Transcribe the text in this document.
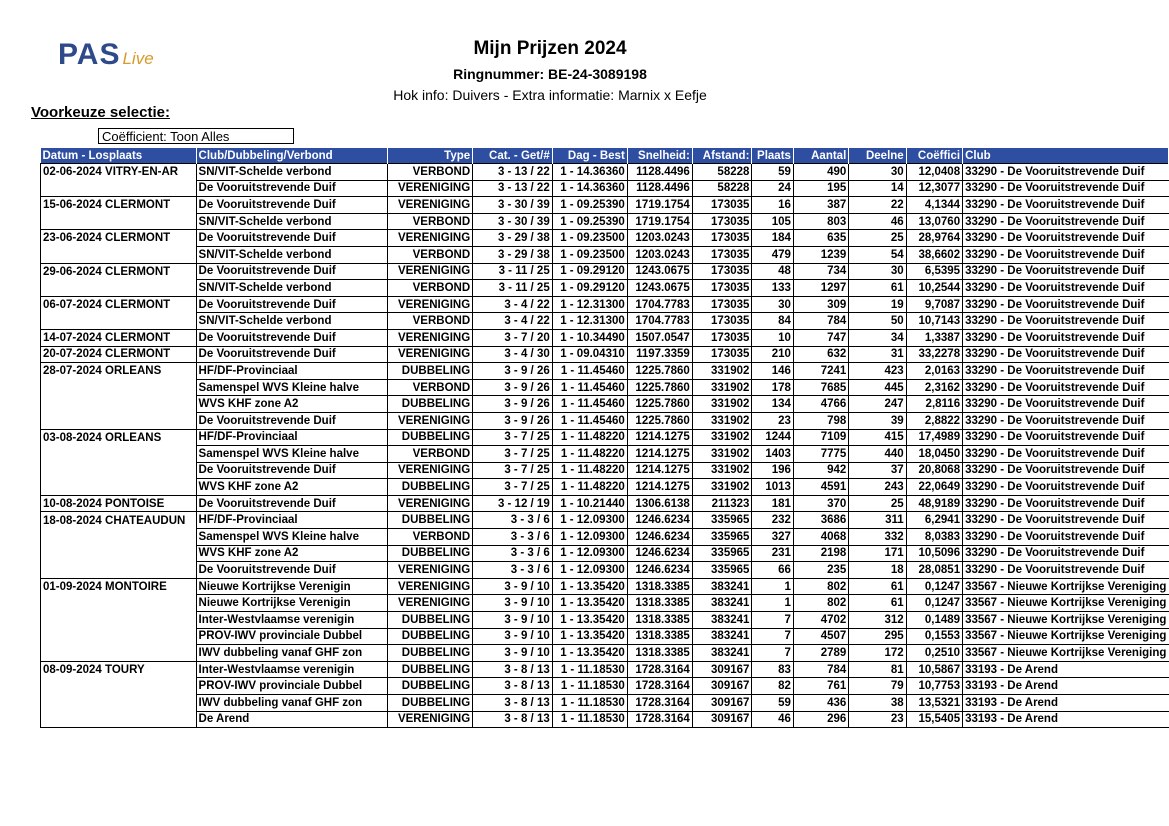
PAS Live	Mijn Prijzen 2024
Ringnummer: BE-24-3089198
Hok info: Duivers - Extra informatie: Marnix x Eefje
Voorkeuze selectie:
Coëfficient: Toon Alles
Datum - Losplaats	Club/Dubbeling/Verbond	Type	Cat. - Get/#	Dag - Best	Snelheid:	Afstand:	Plaats	Aantal	Deelne	Coëffici	Club
02-06-2024 VITRY-EN-AR	SN/VIT-Schelde verbond	VERBOND	3 - 13 / 22	1 - 14.36360	1128.4496	58228	59	490	30	12,0408	33290 - De Vooruitstrevende Duif
	De Vooruitstrevende Duif	VERENIGING	3 - 13 / 22	1 - 14.36360	1128.4496	58228	24	195	14	12,3077	33290 - De Vooruitstrevende Duif
15-06-2024 CLERMONT	De Vooruitstrevende Duif	VERENIGING	3 - 30 / 39	1 - 09.25390	1719.1754	173035	16	387	22	4,1344	33290 - De Vooruitstrevende Duif
	SN/VIT-Schelde verbond	VERBOND	3 - 30 / 39	1 - 09.25390	1719.1754	173035	105	803	46	13,0760	33290 - De Vooruitstrevende Duif
23-06-2024 CLERMONT	De Vooruitstrevende Duif	VERENIGING	3 - 29 / 38	1 - 09.23500	1203.0243	173035	184	635	25	28,9764	33290 - De Vooruitstrevende Duif
	SN/VIT-Schelde verbond	VERBOND	3 - 29 / 38	1 - 09.23500	1203.0243	173035	479	1239	54	38,6602	33290 - De Vooruitstrevende Duif
29-06-2024 CLERMONT	De Vooruitstrevende Duif	VERENIGING	3 - 11 / 25	1 - 09.29120	1243.0675	173035	48	734	30	6,5395	33290 - De Vooruitstrevende Duif
	SN/VIT-Schelde verbond	VERBOND	3 - 11 / 25	1 - 09.29120	1243.0675	173035	133	1297	61	10,2544	33290 - De Vooruitstrevende Duif
06-07-2024 CLERMONT	De Vooruitstrevende Duif	VERENIGING	3 - 4 / 22	1 - 12.31300	1704.7783	173035	30	309	19	9,7087	33290 - De Vooruitstrevende Duif
	SN/VIT-Schelde verbond	VERBOND	3 - 4 / 22	1 - 12.31300	1704.7783	173035	84	784	50	10,7143	33290 - De Vooruitstrevende Duif
14-07-2024 CLERMONT	De Vooruitstrevende Duif	VERENIGING	3 - 7 / 20	1 - 10.34490	1507.0547	173035	10	747	34	1,3387	33290 - De Vooruitstrevende Duif
20-07-2024 CLERMONT	De Vooruitstrevende Duif	VERENIGING	3 - 4 / 30	1 - 09.04310	1197.3359	173035	210	632	31	33,2278	33290 - De Vooruitstrevende Duif
28-07-2024 ORLEANS	HF/DF-Provinciaal	DUBBELING	3 - 9 / 26	1 - 11.45460	1225.7860	331902	146	7241	423	2,0163	33290 - De Vooruitstrevende Duif
	Samenspel WVS Kleine halve	VERBOND	3 - 9 / 26	1 - 11.45460	1225.7860	331902	178	7685	445	2,3162	33290 - De Vooruitstrevende Duif
	WVS KHF zone A2	DUBBELING	3 - 9 / 26	1 - 11.45460	1225.7860	331902	134	4766	247	2,8116	33290 - De Vooruitstrevende Duif
	De Vooruitstrevende Duif	VERENIGING	3 - 9 / 26	1 - 11.45460	1225.7860	331902	23	798	39	2,8822	33290 - De Vooruitstrevende Duif
03-08-2024 ORLEANS	HF/DF-Provinciaal	DUBBELING	3 - 7 / 25	1 - 11.48220	1214.1275	331902	1244	7109	415	17,4989	33290 - De Vooruitstrevende Duif
	Samenspel WVS Kleine halve	VERBOND	3 - 7 / 25	1 - 11.48220	1214.1275	331902	1403	7775	440	18,0450	33290 - De Vooruitstrevende Duif
	De Vooruitstrevende Duif	VERENIGING	3 - 7 / 25	1 - 11.48220	1214.1275	331902	196	942	37	20,8068	33290 - De Vooruitstrevende Duif
	WVS KHF zone A2	DUBBELING	3 - 7 / 25	1 - 11.48220	1214.1275	331902	1013	4591	243	22,0649	33290 - De Vooruitstrevende Duif
10-08-2024 PONTOISE	De Vooruitstrevende Duif	VERENIGING	3 - 12 / 19	1 - 10.21440	1306.6138	211323	181	370	25	48,9189	33290 - De Vooruitstrevende Duif
18-08-2024 CHATEAUDUN	HF/DF-Provinciaal	DUBBELING	3 - 3 / 6	1 - 12.09300	1246.6234	335965	232	3686	311	6,2941	33290 - De Vooruitstrevende Duif
	Samenspel WVS Kleine halve	VERBOND	3 - 3 / 6	1 - 12.09300	1246.6234	335965	327	4068	332	8,0383	33290 - De Vooruitstrevende Duif
	WVS KHF zone A2	DUBBELING	3 - 3 / 6	1 - 12.09300	1246.6234	335965	231	2198	171	10,5096	33290 - De Vooruitstrevende Duif
	De Vooruitstrevende Duif	VERENIGING	3 - 3 / 6	1 - 12.09300	1246.6234	335965	66	235	18	28,0851	33290 - De Vooruitstrevende Duif
01-09-2024 MONTOIRE	Nieuwe Kortrijkse Verenigin	VERENIGING	3 - 9 / 10	1 - 13.35420	1318.3385	383241	1	802	61	0,1247	33567 - Nieuwe Kortrijkse Vereniging
	Nieuwe Kortrijkse Verenigin	VERENIGING	3 - 9 / 10	1 - 13.35420	1318.3385	383241	1	802	61	0,1247	33567 - Nieuwe Kortrijkse Vereniging
	Inter-Westvlaamse verenigin	DUBBELING	3 - 9 / 10	1 - 13.35420	1318.3385	383241	7	4702	312	0,1489	33567 - Nieuwe Kortrijkse Vereniging
	PROV-IWV provinciale Dubbel	DUBBELING	3 - 9 / 10	1 - 13.35420	1318.3385	383241	7	4507	295	0,1553	33567 - Nieuwe Kortrijkse Vereniging
	IWV dubbeling vanaf GHF zon	DUBBELING	3 - 9 / 10	1 - 13.35420	1318.3385	383241	7	2789	172	0,2510	33567 - Nieuwe Kortrijkse Vereniging
08-09-2024 TOURY	Inter-Westvlaamse verenigin	DUBBELING	3 - 8 / 13	1 - 11.18530	1728.3164	309167	83	784	81	10,5867	33193 - De Arend
	PROV-IWV provinciale Dubbel	DUBBELING	3 - 8 / 13	1 - 11.18530	1728.3164	309167	82	761	79	10,7753	33193 - De Arend
	IWV dubbeling vanaf GHF zon	DUBBELING	3 - 8 / 13	1 - 11.18530	1728.3164	309167	59	436	38	13,5321	33193 - De Arend
	De Arend	VERENIGING	3 - 8 / 13	1 - 11.18530	1728.3164	309167	46	296	23	15,5405	33193 - De Arend
